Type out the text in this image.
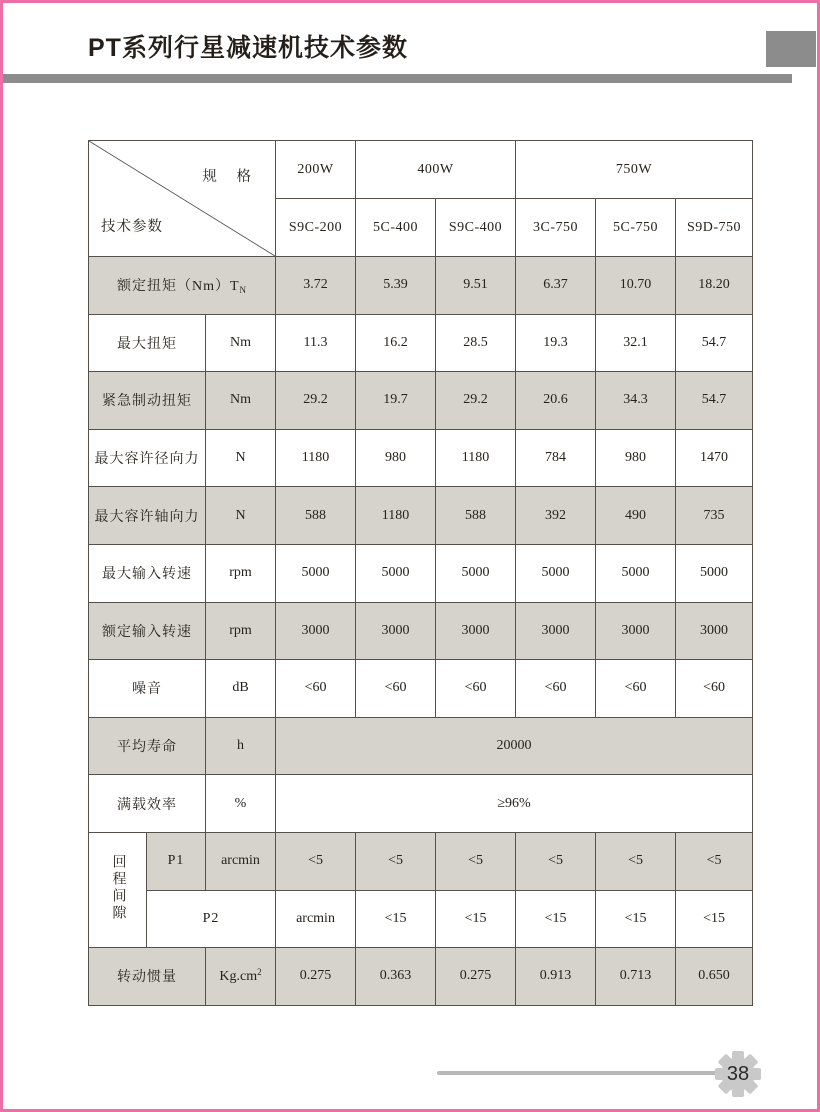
PT系列行星减速机技术参数
规 格
技术参数			200W	400W		750W			
			S9C-200	5C-400	S9C-400	3C-750	5C-750	S9D-750	
额定扭矩$(Nm)T_N$			3.72	5.39	9.51	6.37	10.70	18.20	
最大扭矩		Nm	11.3	16.2	28.5	19.3	32.1	54.7	
紧急制动扭矩		Nm	29.2	19.7	29.2	20.6	34.3	54.7	
最大容许径向力		N	1180	980	1180	784	980	1470	
最大容许轴向力		N	588	1180	588	392	490	735	
最大输入转速		rpm	5000	5000	5000	5000	5000	5000	
额定输入转速		rpm	3000	3000	3000	3000	3000	3000	
噪音		dB	<60	<60	<60	<60	<60	<60	
平均寿命		h	20000						
满载效率		%	≥96%						
回程间隙	P1	arcmin	<5	<5	<5	<5	<5	<5	
	P2		arcmin	<15	<15	<15	<15	<15	
转动惯量		$Kg.cm^2$	0.275	0.363	0.275	0.913	0.713	0.650	
38
